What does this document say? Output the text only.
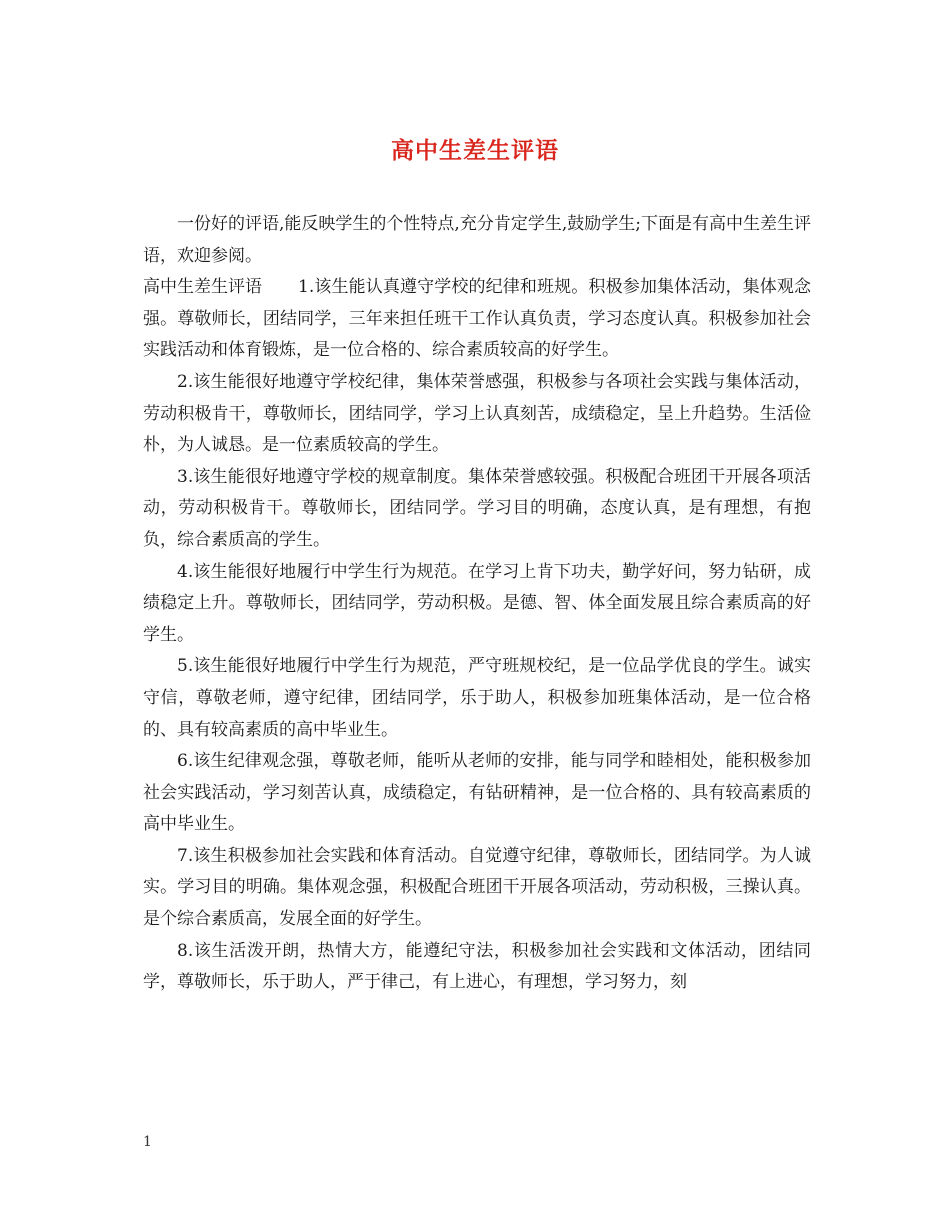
高中生差生评语

一份好的评语,能反映学生的个性特点,充分肯定学生,鼓励学生;下面是有高中生差生评语，欢迎参阅。

高中生差生评语 1.该生能认真遵守学校的纪律和班规。积极参加集体活动，集体观念强。尊敬师长，团结同学，三年来担任班干工作认真负责，学习态度认真。积极参加社会实践活动和体育锻炼，是一位合格的、综合素质较高的好学生。

2.该生能很好地遵守学校纪律，集体荣誉感强，积极参与各项社会实践与集体活动，劳动积极肯干，尊敬师长，团结同学，学习上认真刻苦，成绩稳定，呈上升趋势。生活俭朴，为人诚恳。是一位素质较高的学生。

3.该生能很好地遵守学校的规章制度。集体荣誉感较强。积极配合班团干开展各项活动，劳动积极肯干。尊敬师长，团结同学。学习目的明确，态度认真，是有理想，有抱负，综合素质高的学生。

4.该生能很好地履行中学生行为规范。在学习上肯下功夫，勤学好问，努力钻研，成绩稳定上升。尊敬师长，团结同学，劳动积极。是德、智、体全面发展且综合素质高的好学生。

5.该生能很好地履行中学生行为规范，严守班规校纪，是一位品学优良的学生。诚实守信，尊敬老师，遵守纪律，团结同学，乐于助人，积极参加班集体活动，是一位合格的、具有较高素质的高中毕业生。

6.该生纪律观念强，尊敬老师，能听从老师的安排，能与同学和睦相处，能积极参加社会实践活动，学习刻苦认真，成绩稳定，有钻研精神，是一位合格的、具有较高素质的高中毕业生。

7.该生积极参加社会实践和体育活动。自觉遵守纪律，尊敬师长，团结同学。为人诚实。学习目的明确。集体观念强，积极配合班团干开展各项活动，劳动积极，三操认真。是个综合素质高，发展全面的好学生。

8.该生活泼开朗，热情大方，能遵纪守法，积极参加社会实践和文体活动，团结同学，尊敬师长，乐于助人，严于律己，有上进心，有理想，学习努力，刻

1
